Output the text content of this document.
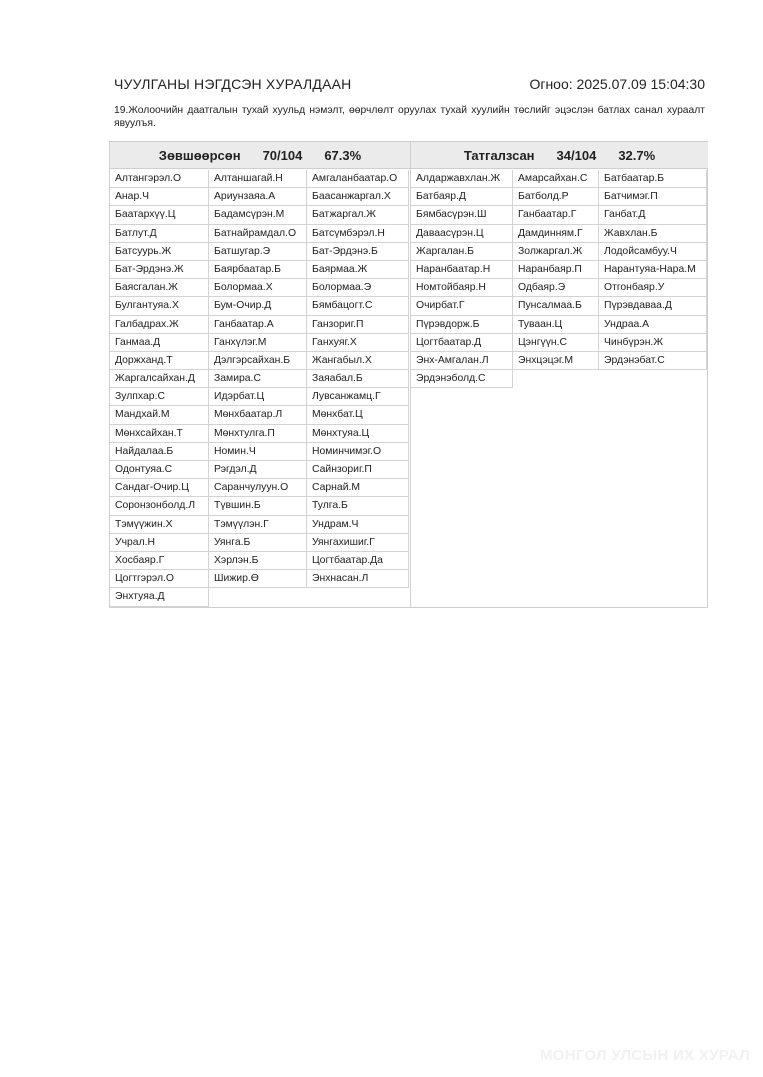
ЧУУЛГАНЫ НЭГДСЭН ХУРАЛДААН	Огноо: 2025.07.09 15:04:30
19.Жолоочийн даатгалын тухай хуульд нэмэлт, өөрчлөлт оруулах тухай хуулийн төслийг эцэслэн батлах санал хураалт явуулъя.
Зөвшөөрсөн 70/104 67.3%
Алтангэрэл.О	Алтаншагай.Н	Амгаланбаатар.О
Анар.Ч	Ариунзаяа.А	Баасанжаргал.Х
Баатархүү.Ц	Бадамсүрэн.М	Батжаргал.Ж
Батлут.Д	Батнайрамдал.О	Батсүмбэрэл.Н
Батсуурь.Ж	Батшугар.Э	Бат-Эрдэнэ.Б
Бат-Эрдэнэ.Ж	Баярбаатар.Б	Баярмаа.Ж
Баясгалан.Ж	Болормаа.Х	Болормаа.Э
Булгантуяа.Х	Бум-Очир.Д	Бямбацогт.С
Галбадрах.Ж	Ганбаатар.А	Ганзориг.П
Ганмаа.Д	Ганхүлэг.М	Ганхуяг.Х
Доржханд.Т	Дэлгэрсайхан.Б	Жангабыл.Х
Жаргалсайхан.Д	Замира.С	Заяабал.Б
Зулпхар.С	Идэрбат.Ц	Лувсанжамц.Г
Мандхай.М	Мөнхбаатар.Л	Мөнхбат.Ц
Мөнхсайхан.Т	Мөнхтулга.П	Мөнхтуяа.Ц
Найдалаа.Б	Номин.Ч	Номинчимэг.О
Одонтуяа.С	Рэгдэл.Д	Сайнзориг.П
Сандаг-Очир.Ц	Саранчулуун.О	Сарнай.М
Соронзонболд.Л	Түвшин.Б	Тулга.Б
Тэмүүжин.Х	Тэмүүлэн.Г	Ундрам.Ч
Учрал.Н	Уянга.Б	Уянгахишиг.Г
Хосбаяр.Г	Хэрлэн.Б	Цогтбаатар.Да
Цогтгэрэл.О	Шижир.Ө	Энхнасан.Л
Энхтуяа.Д
Татгалзсан 34/104 32.7%
Алдаржавхлан.Ж	Амарсайхан.С	Батбаатар.Б
Батбаяр.Д	Батболд.Р	Батчимэг.П
Бямбасүрэн.Ш	Ганбаатар.Г	Ганбат.Д
Даваасүрэн.Ц	Дамдинням.Г	Жавхлан.Б
Жаргалан.Б	Золжаргал.Ж	Лодойсамбуу.Ч
Наранбаатар.Н	Наранбаяр.П	Нарантуяа-Нара.М
Номтойбаяр.Н	Одбаяр.Э	Отгонбаяр.У
Очирбат.Г	Пунсалмаа.Б	Пүрэвдаваа.Д
Пүрэвдорж.Б	Туваан.Ц	Ундраа.А
Цогтбаатар.Д	Цэнгүүн.С	Чинбүрэн.Ж
Энх-Амгалан.Л	Энхцэцэг.М	Эрдэнэбат.С
Эрдэнэболд.С
МОНГОЛ УЛСЫН ИХ ХУРАЛ
